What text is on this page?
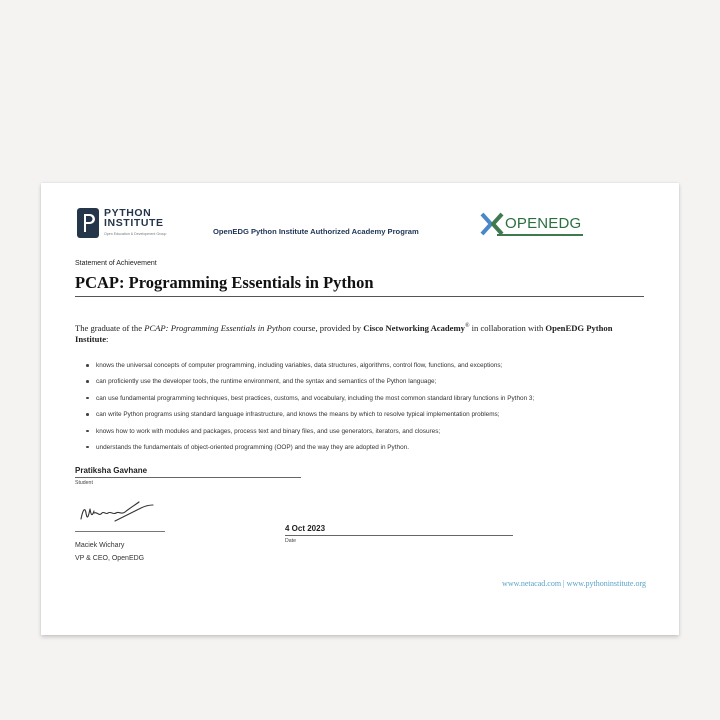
PYTHON
INSTITUTE
Open Education & Development Group	OpenEDG Python Institute Authorized Academy Program	OPENEDG
Statement of Achievement
PCAP: Programming Essentials in Python
The graduate of the PCAP: Programming Essentials in Python course, provided by Cisco Networking Academy® in collaboration with OpenEDG Python Institute:
knows the universal concepts of computer programming, including variables, data structures, algorithms, control flow, functions, and exceptions;
can proficiently use the developer tools, the runtime environment, and the syntax and semantics of the Python language;
can use fundamental programming techniques, best practices, customs, and vocabulary, including the most common standard library functions in Python 3;
can write Python programs using standard language infrastructure, and knows the means by which to resolve typical implementation problems;
knows how to work with modules and packages, process text and binary files, and use generators, iterators, and closures;
understands the fundamentals of object-oriented programming (OOP) and the way they are adopted in Python.
Pratiksha Gavhane
Student
Maciek Wichary
VP & CEO, OpenEDG
4 Oct 2023
Date
www.netacad.com | www.pythoninstitute.org
